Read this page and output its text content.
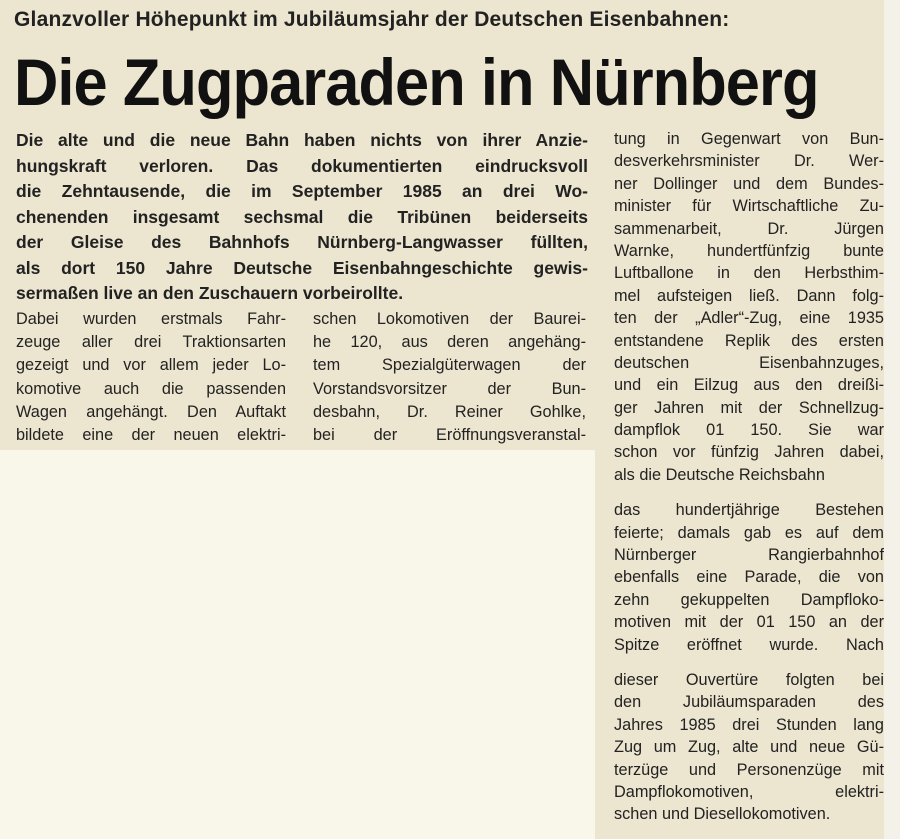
Glanzvoller Höhepunkt im Jubiläumsjahr der Deutschen Eisenbahnen:
Die Zugparaden in Nürnberg
Die alte und die neue Bahn haben nichts von ihrer Anzie-
hungskraft verloren. Das dokumentierten eindrucksvoll
die Zehntausende, die im September 1985 an drei Wo-
chenenden insgesamt sechsmal die Tribünen beiderseits
der Gleise des Bahnhofs Nürnberg-Langwasser füllten,
als dort 150 Jahre Deutsche Eisenbahngeschichte gewis-
sermaßen live an den Zuschauern vorbeirollte.
Dabei wurden erstmals Fahr-
zeuge aller drei Traktionsarten
gezeigt und vor allem jeder Lo-
komotive auch die passenden
Wagen angehängt. Den Auftakt
bildete eine der neuen elektri-
schen Lokomotiven der Baurei-
he 120, aus deren angehäng-
tem Spezialgüterwagen der
Vorstandsvorsitzer der Bun-
desbahn, Dr. Reiner Gohlke,
bei der Eröffnungsveranstal-
tung in Gegenwart von Bun-
desverkehrsminister Dr. Wer-
ner Dollinger und dem Bundes-
minister für Wirtschaftliche Zu-
sammenarbeit, Dr. Jürgen
Warnke, hundertfünfzig bunte
Luftballone in den Herbsthim-
mel aufsteigen ließ. Dann folg-
ten der „Adler“-Zug, eine 1935
entstandene Replik des ersten
deutschen Eisenbahnzuges,
und ein Eilzug aus den dreißi-
ger Jahren mit der Schnellzug-
dampflok 01 150. Sie war
schon vor fünfzig Jahren dabei,
als die Deutsche Reichsbahn
das hundertjährige Bestehen
feierte; damals gab es auf dem
Nürnberger Rangierbahnhof
ebenfalls eine Parade, die von
zehn gekuppelten Dampfloko-
motiven mit der 01 150 an der
Spitze eröffnet wurde. Nach
dieser Ouvertüre folgten bei
den Jubiläumsparaden des
Jahres 1985 drei Stunden lang
Zug um Zug, alte und neue Gü-
terzüge und Personenzüge mit
Dampflokomotiven, elektri-
schen und Diesellokomotiven.
